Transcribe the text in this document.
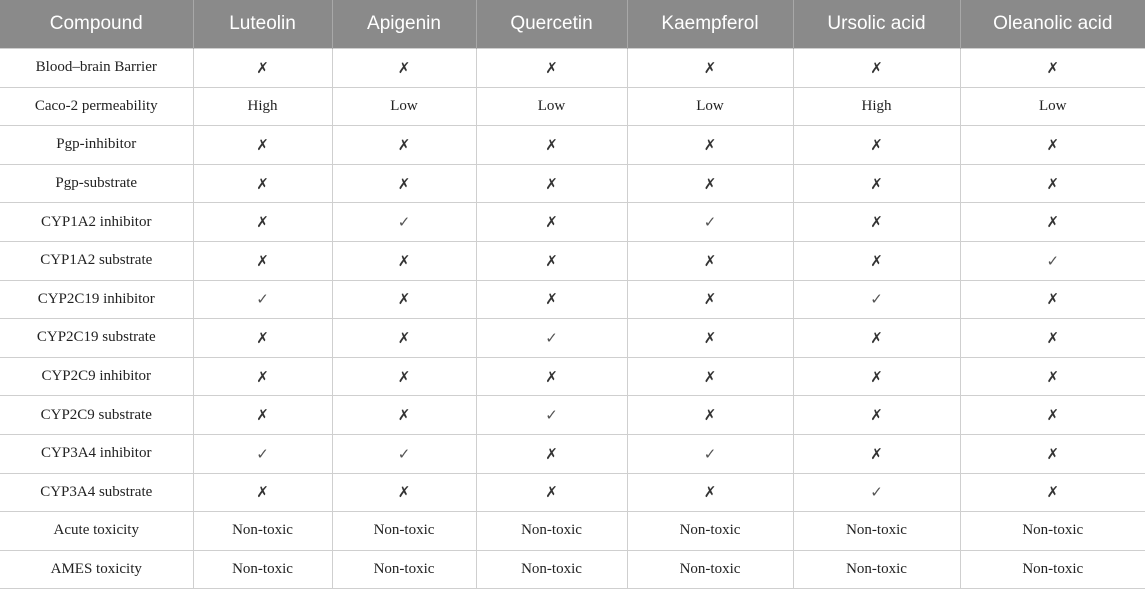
Compound	Luteolin	Apigenin	Quercetin	Kaempferol	Ursolic acid	Oleanolic acid
Blood–brain Barrier	✗	✗	✗	✗	✗	✗
Caco-2 permeability	High	Low	Low	Low	High	Low
Pgp-inhibitor	✗	✗	✗	✗	✗	✗
Pgp-substrate	✗	✗	✗	✗	✗	✗
CYP1A2 inhibitor	✗	✓	✗	✓	✗	✗
CYP1A2 substrate	✗	✗	✗	✗	✗	✓
CYP2C19 inhibitor	✓	✗	✗	✗	✓	✗
CYP2C19 substrate	✗	✗	✓	✗	✗	✗
CYP2C9 inhibitor	✗	✗	✗	✗	✗	✗
CYP2C9 substrate	✗	✗	✓	✗	✗	✗
CYP3A4 inhibitor	✓	✓	✗	✓	✗	✗
CYP3A4 substrate	✗	✗	✗	✗	✓	✗
Acute toxicity	Non-toxic	Non-toxic	Non-toxic	Non-toxic	Non-toxic	Non-toxic
AMES toxicity	Non-toxic	Non-toxic	Non-toxic	Non-toxic	Non-toxic	Non-toxic
